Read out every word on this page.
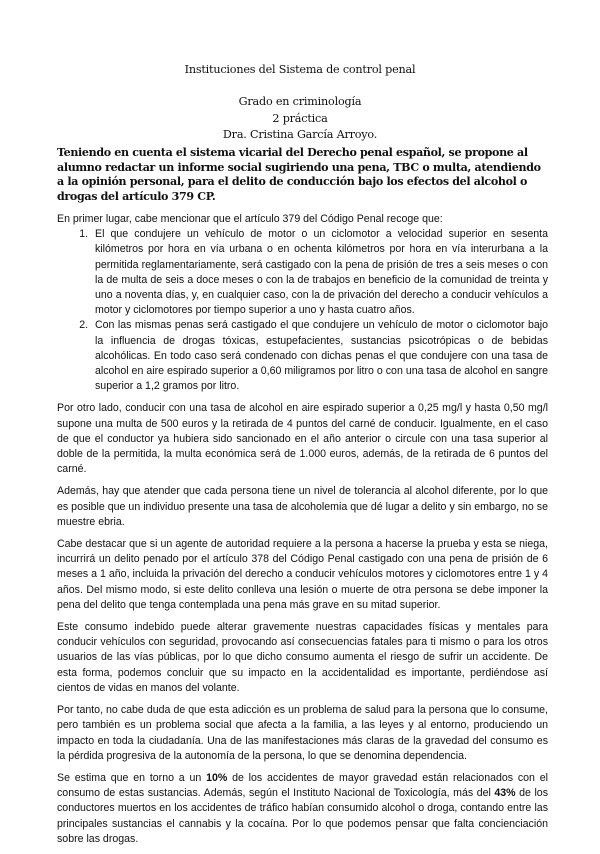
Instituciones del Sistema de control penal
Grado en criminología
2 práctica
Dra. Cristina García Arroyo.

Teniendo en cuenta el sistema vicarial del Derecho penal español, se propone al alumno redactar un informe social sugiriendo una pena, TBC o multa, atendiendo a la opinión personal, para el delito de conducción bajo los efectos del alcohol o drogas del artículo 379 CP.

En primer lugar, cabe mencionar que el artículo 379 del Código Penal recoge que:

1. El que condujere un vehículo de motor o un ciclomotor a velocidad superior en sesenta kilómetros por hora en vía urbana o en ochenta kilómetros por hora en vía interurbana a la permitida reglamentariamente, será castigado con la pena de prisión de tres a seis meses o con la de multa de seis a doce meses o con la de trabajos en beneficio de la comunidad de treinta y uno a noventa días, y, en cualquier caso, con la de privación del derecho a conducir vehículos a motor y ciclomotores por tiempo superior a uno y hasta cuatro años.
2. Con las mismas penas será castigado el que condujere un vehículo de motor o ciclomotor bajo la influencia de drogas tóxicas, estupefacientes, sustancias psicotrópicas o de bebidas alcohólicas. En todo caso será condenado con dichas penas el que condujere con una tasa de alcohol en aire espirado superior a 0,60 miligramos por litro o con una tasa de alcohol en sangre superior a 1,2 gramos por litro.

Por otro lado, conducir con una tasa de alcohol en aire espirado superior a 0,25 mg/l y hasta 0,50 mg/l supone una multa de 500 euros y la retirada de 4 puntos del carné de conducir. Igualmente, en el caso de que el conductor ya hubiera sido sancionado en el año anterior o circule con una tasa superior al doble de la permitida, la multa económica será de 1.000 euros, además, de la retirada de 6 puntos del carné.

Además, hay que atender que cada persona tiene un nivel de tolerancia al alcohol diferente, por lo que es posible que un individuo presente una tasa de alcoholemia que dé lugar a delito y sin embargo, no se muestre ebria.

Cabe destacar que si un agente de autoridad requiere a la persona a hacerse la prueba y esta se niega, incurrirá un delito penado por el artículo 378 del Código Penal castigado con una pena de prisión de 6 meses a 1 año, incluida la privación del derecho a conducir vehículos motores y ciclomotores entre 1 y 4 años. Del mismo modo, si este delito conlleva una lesión o muerte de otra persona se debe imponer la pena del delito que tenga contemplada una pena más grave en su mitad superior.

Este consumo indebido puede alterar gravemente nuestras capacidades físicas y mentales para conducir vehículos con seguridad, provocando así consecuencias fatales para ti mismo o para los otros usuarios de las vías públicas, por lo que dicho consumo aumenta el riesgo de sufrir un accidente. De esta forma, podemos concluir que su impacto en la accidentalidad es importante, perdiéndose así cientos de vidas en manos del volante.

Por tanto, no cabe duda de que esta adicción es un problema de salud para la persona que lo consume, pero también es un problema social que afecta a la familia, a las leyes y al entorno, produciendo un impacto en toda la ciudadanía. Una de las manifestaciones más claras de la gravedad del consumo es la pérdida progresiva de la autonomía de la persona, lo que se denomina dependencia.

Se estima que en torno a un 10% de los accidentes de mayor gravedad están relacionados con el consumo de estas sustancias. Además, según el Instituto Nacional de Toxicología, más del 43% de los conductores muertos en los accidentes de tráfico habían consumido alcohol o droga, contando entre las principales sustancias el cannabis y la cocaína. Por lo que podemos pensar que falta concienciación sobre las drogas.
